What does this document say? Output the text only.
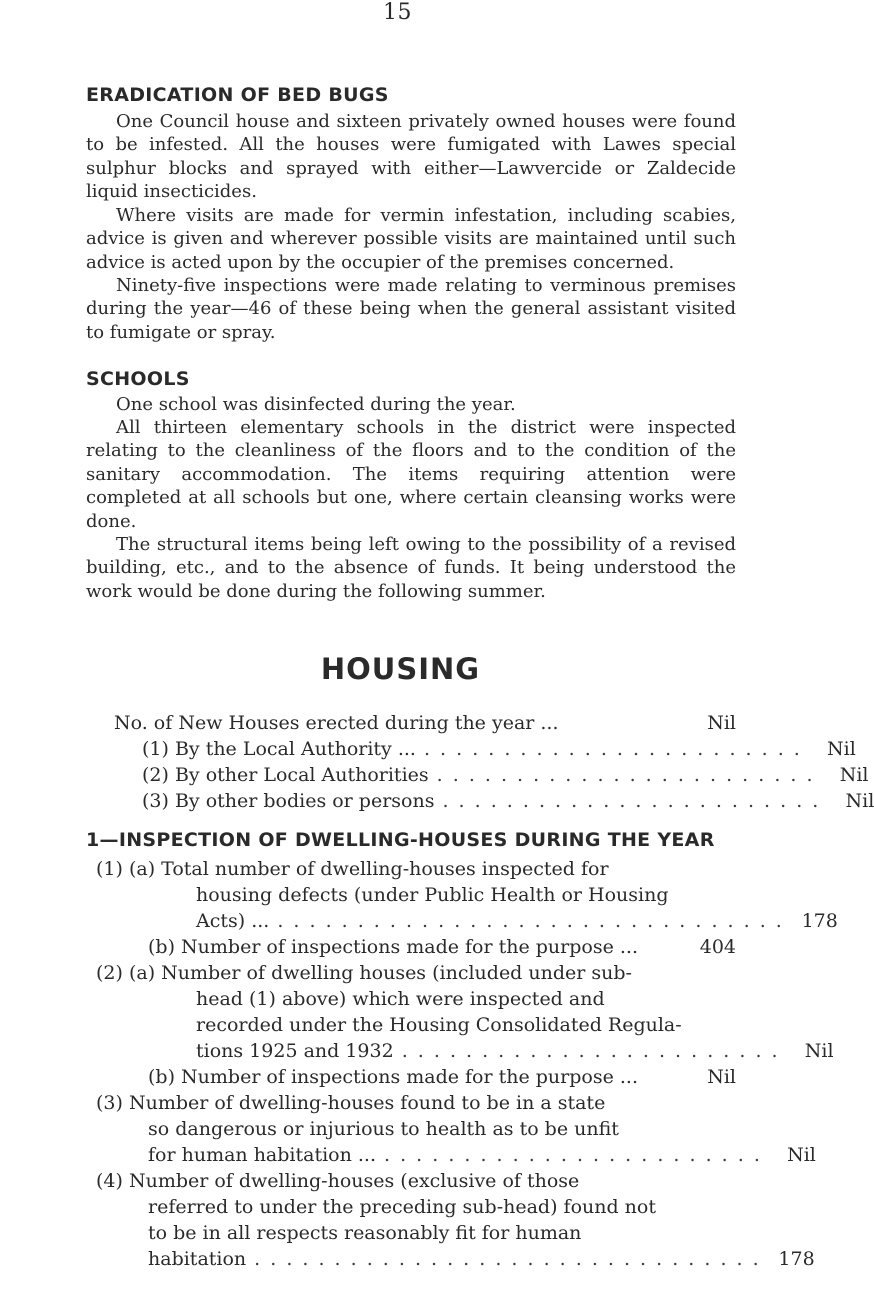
15
ERADICATION OF BED BUGS
One Council house and sixteen privately owned houses were found to be infested. All the houses were fumigated with Lawes special sulphur blocks and sprayed with either—Lawvercide or Zaldecide liquid insecticides.
Where visits are made for vermin infestation, including scabies, advice is given and wherever possible visits are maintained until such advice is acted upon by the occupier of the premises concerned.
Ninety-five inspections were made relating to verminous premises during the year—46 of these being when the general assistant visited to fumigate or spray.
SCHOOLS
One school was disinfected during the year.
All thirteen elementary schools in the district were inspected relating to the cleanliness of the floors and to the condition of the sanitary accommodation. The items requiring attention were completed at all schools but one, where certain cleansing works were done.
The structural items being left owing to the possibility of a revised building, etc., and to the absence of funds. It being understood the work would be done during the following summer.
HOUSING
No. of New Houses erected during the year ...	Nil
(1) By the Local Authority ... . . . . . . . . . . . . . . . . . . . . . . . .	Nil
(2) By other Local Authorities . . . . . . . . . . . . . . . . . . . . . . . .	Nil
(3) By other bodies or persons . . . . . . . . . . . . . . . . . . . . . . . .	Nil
1—INSPECTION OF DWELLING-HOUSES DURING THE YEAR
(1) (a) Total number of dwelling-houses inspected for
housing defects (under Public Health or Housing
Acts) ... . . . . . . . . . . . . . . . . . . . . . . . . . . . . . . . . 178
(b) Number of inspections made for the purpose ...	404
(2) (a) Number of dwelling houses (included under sub-
head (1) above) which were inspected and
recorded under the Housing Consolidated Regula-
tions 1925 and 1932 . . . . . . . . . . . . . . . . . . . . . . . .	Nil
(b) Number of inspections made for the purpose ...	Nil
(3) Number of dwelling-houses found to be in a state
so dangerous or injurious to health as to be unfit
for human habitation ... . . . . . . . . . . . . . . . . . . . . . . . .	Nil
(4) Number of dwelling-houses (exclusive of those
referred to under the preceding sub-head) found not
to be in all respects reasonably fit for human
habitation . . . . . . . . . . . . . . . . . . . . . . . . . . . . . . . . 178
